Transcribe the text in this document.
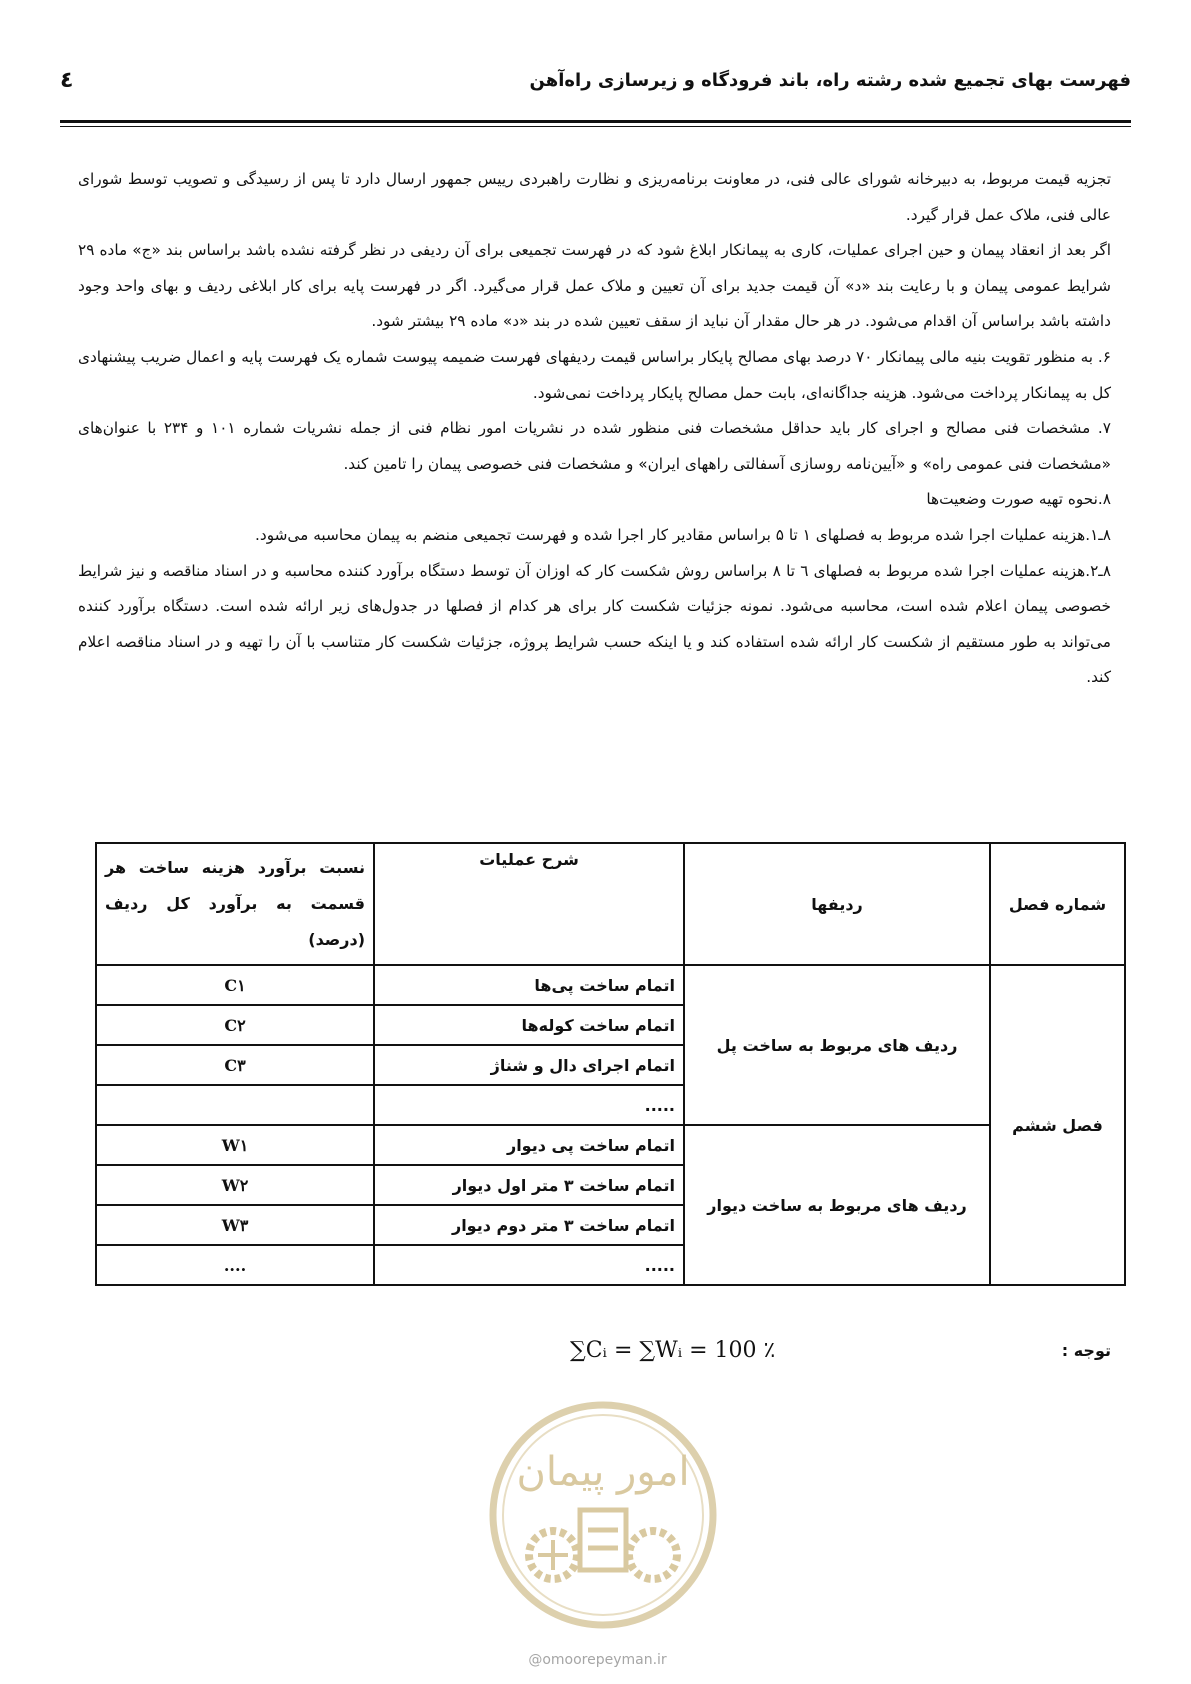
فهرست بهای تجمیع شده رشته راه، باند فرودگاه و زیرسازی راه‌آهن
٤

تجزیه قیمت مربوط، به دبیرخانه شورای عالی فنی، در معاونت برنامه‌ریزی و نظارت راهبردی رییس جمهور ارسال دارد تا پس از رسیدگی و تصویب توسط شورای عالی فنی، ملاک عمل قرار گیرد.

اگر بعد از انعقاد پیمان و حین اجرای عملیات، کاری به پیمانکار ابلاغ شود که در فهرست تجمیعی برای آن ردیفی در نظر گرفته نشده باشد براساس بند «ج» ماده ۲۹ شرایط عمومی پیمان و با رعایت بند «د» آن قیمت جدید برای آن تعیین و ملاک عمل قرار می‌گیرد. اگر در فهرست پایه برای کار ابلاغی ردیف و بهای واحد وجود داشته باشد براساس آن اقدام می‌شود. در هر حال مقدار آن نباید از سقف تعیین شده در بند «د» ماده ۲۹ بیشتر شود.

۶. به منظور تقویت بنیه مالی پیمانکار ۷۰ درصد بهای مصالح پایکار براساس قیمت ردیفهای فهرست ضمیمه پیوست شماره یک فهرست پایه و اعمال ضریب پیشنهادی کل به پیمانکار پرداخت می‌شود. هزینه جداگانه‌ای، بابت حمل مصالح پایکار پرداخت نمی‌شود.

۷. مشخصات فنی مصالح و اجرای کار باید حداقل مشخصات فنی منظور شده در نشریات امور نظام فنی از جمله نشریات شماره ۱۰۱ و ۲۳۴ با عنوان‌های «مشخصات فنی عمومی راه» و «آیین‌نامه روسازی آسفالتی راههای ایران» و مشخصات فنی خصوصی پیمان را تامین کند.

۸.نحوه تهیه صورت وضعیت‌ها

۸ـ۱.هزینه عملیات اجرا شده مربوط به فصلهای ۱ تا ۵ براساس مقادیر کار اجرا شده و فهرست تجمیعی منضم به پیمان محاسبه می‌شود.

۸ـ۲.هزینه عملیات اجرا شده مربوط به فصلهای ٦ تا ۸ براساس روش شکست کار که اوزان آن توسط دستگاه برآورد کننده محاسبه و در اسناد مناقصه و نیز شرایط خصوصی پیمان اعلام شده است، محاسبه می‌شود. نمونه جزئیات شکست کار برای هر کدام از فصلها در جدول‌های زیر ارائه شده است. دستگاه برآورد کننده می‌تواند به طور مستقیم از شکست کار ارائه شده استفاده کند و یا اینکه حسب شرایط پروژه، جزئیات شکست کار متناسب با آن را تهیه و در اسناد مناقصه اعلام کند.

شماره فصل	ردیفها	شرح عملیات	نسبت برآورد هزینه ساخت هر
قسمت به برآورد کل ردیف
(درصد)

فصل ششم	ردیف های مربوط به ساخت پل	اتمام ساخت پی‌ها	C۱
		اتمام ساخت کوله‌ها	C۲
		اتمام اجرای دال و شناژ	C۳
		.....	
	ردیف های مربوط به ساخت دیوار	اتمام ساخت پی دیوار	W۱
		اتمام ساخت ۳ متر اول دیوار	W۲
		اتمام ساخت ۳ متر دوم دیوار	W۳
		.....	....
توجه :
∑Cᵢ = ∑Wᵢ = 100 ٪
امور پیمان
@omoorepeyman.ir
